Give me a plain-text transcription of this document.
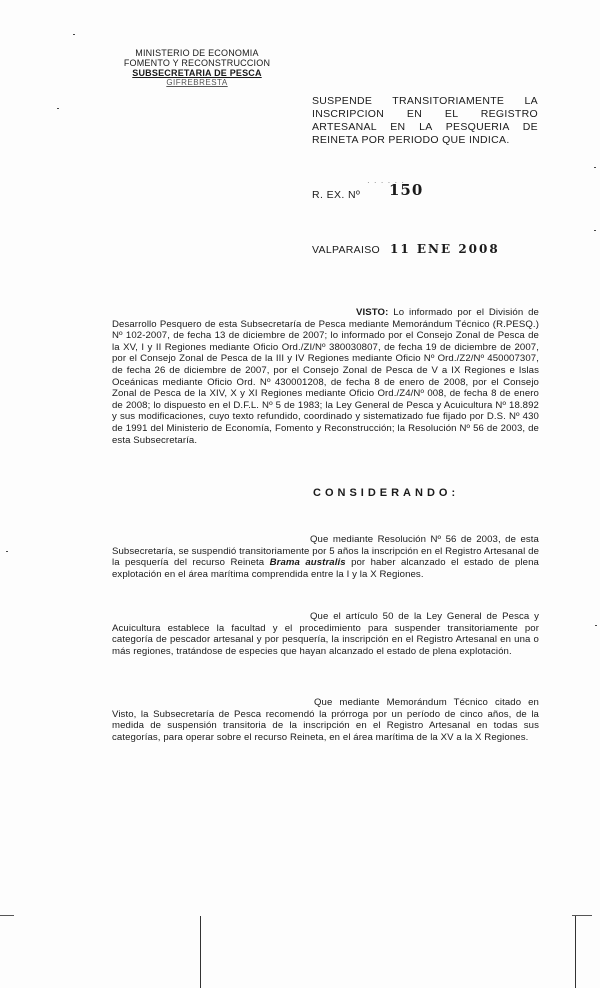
MINISTERIO DE ECONOMIA
FOMENTO Y RECONSTRUCCION
SUBSECRETARIA DE PESCA
GIFREBRESTA
SUSPENDE TRANSITORIAMENTE LA INSCRIPCION EN EL REGISTRO ARTESANAL EN LA PESQUERIA DE REINETA POR PERIODO QUE INDICA.
· · · · · ·
R. EX. Nº 150
VALPARAISO 11 ENE 2008
VISTO: Lo informado por el División de Desarrollo Pesquero de esta Subsecretaría de Pesca mediante Memorándum Técnico (R.PESQ.) Nº 102-2007, de fecha 13 de diciembre de 2007; lo informado por el Consejo Zonal de Pesca de la XV, I y II Regiones mediante Oficio Ord./ZI/Nº 380030807, de fecha 19 de diciembre de 2007, por el Consejo Zonal de Pesca de la III y IV Regiones mediante Oficio Nº Ord./Z2/Nº 450007307, de fecha 26 de diciembre de 2007, por el Consejo Zonal de Pesca de V a IX Regiones e Islas Oceánicas mediante Oficio Ord. Nº 430001208, de fecha 8 de enero de 2008, por el Consejo Zonal de Pesca de la XIV, X y XI Regiones mediante Oficio Ord./Z4/Nº 008, de fecha 8 de enero de 2008; lo dispuesto en el D.F.L. Nº 5 de 1983; la Ley General de Pesca y Acuicultura Nº 18.892 y sus modificaciones, cuyo texto refundido, coordinado y sistematizado fue fijado por D.S. Nº 430 de 1991 del Ministerio de Economía, Fomento y Reconstrucción; la Resolución Nº 56 de 2003, de esta Subsecretaría.
CONSIDERANDO:
Que mediante Resolución Nº 56 de 2003, de esta Subsecretaría, se suspendió transitoriamente por 5 años la inscripción en el Registro Artesanal de la pesquería del recurso Reineta Brama australis por haber alcanzado el estado de plena explotación en el área marítima comprendida entre la I y la X Regiones.
Que el artículo 50 de la Ley General de Pesca y Acuicultura establece la facultad y el procedimiento para suspender transitoriamente por categoría de pescador artesanal y por pesquería, la inscripción en el Registro Artesanal en una o más regiones, tratándose de especies que hayan alcanzado el estado de plena explotación.
Que mediante Memorándum Técnico citado en Visto, la Subsecretaría de Pesca recomendó la prórroga por un período de cinco años, de la medida de suspensión transitoria de la inscripción en el Registro Artesanal en todas sus categorías, para operar sobre el recurso Reineta, en el área marítima de la XV a la X Regiones.
